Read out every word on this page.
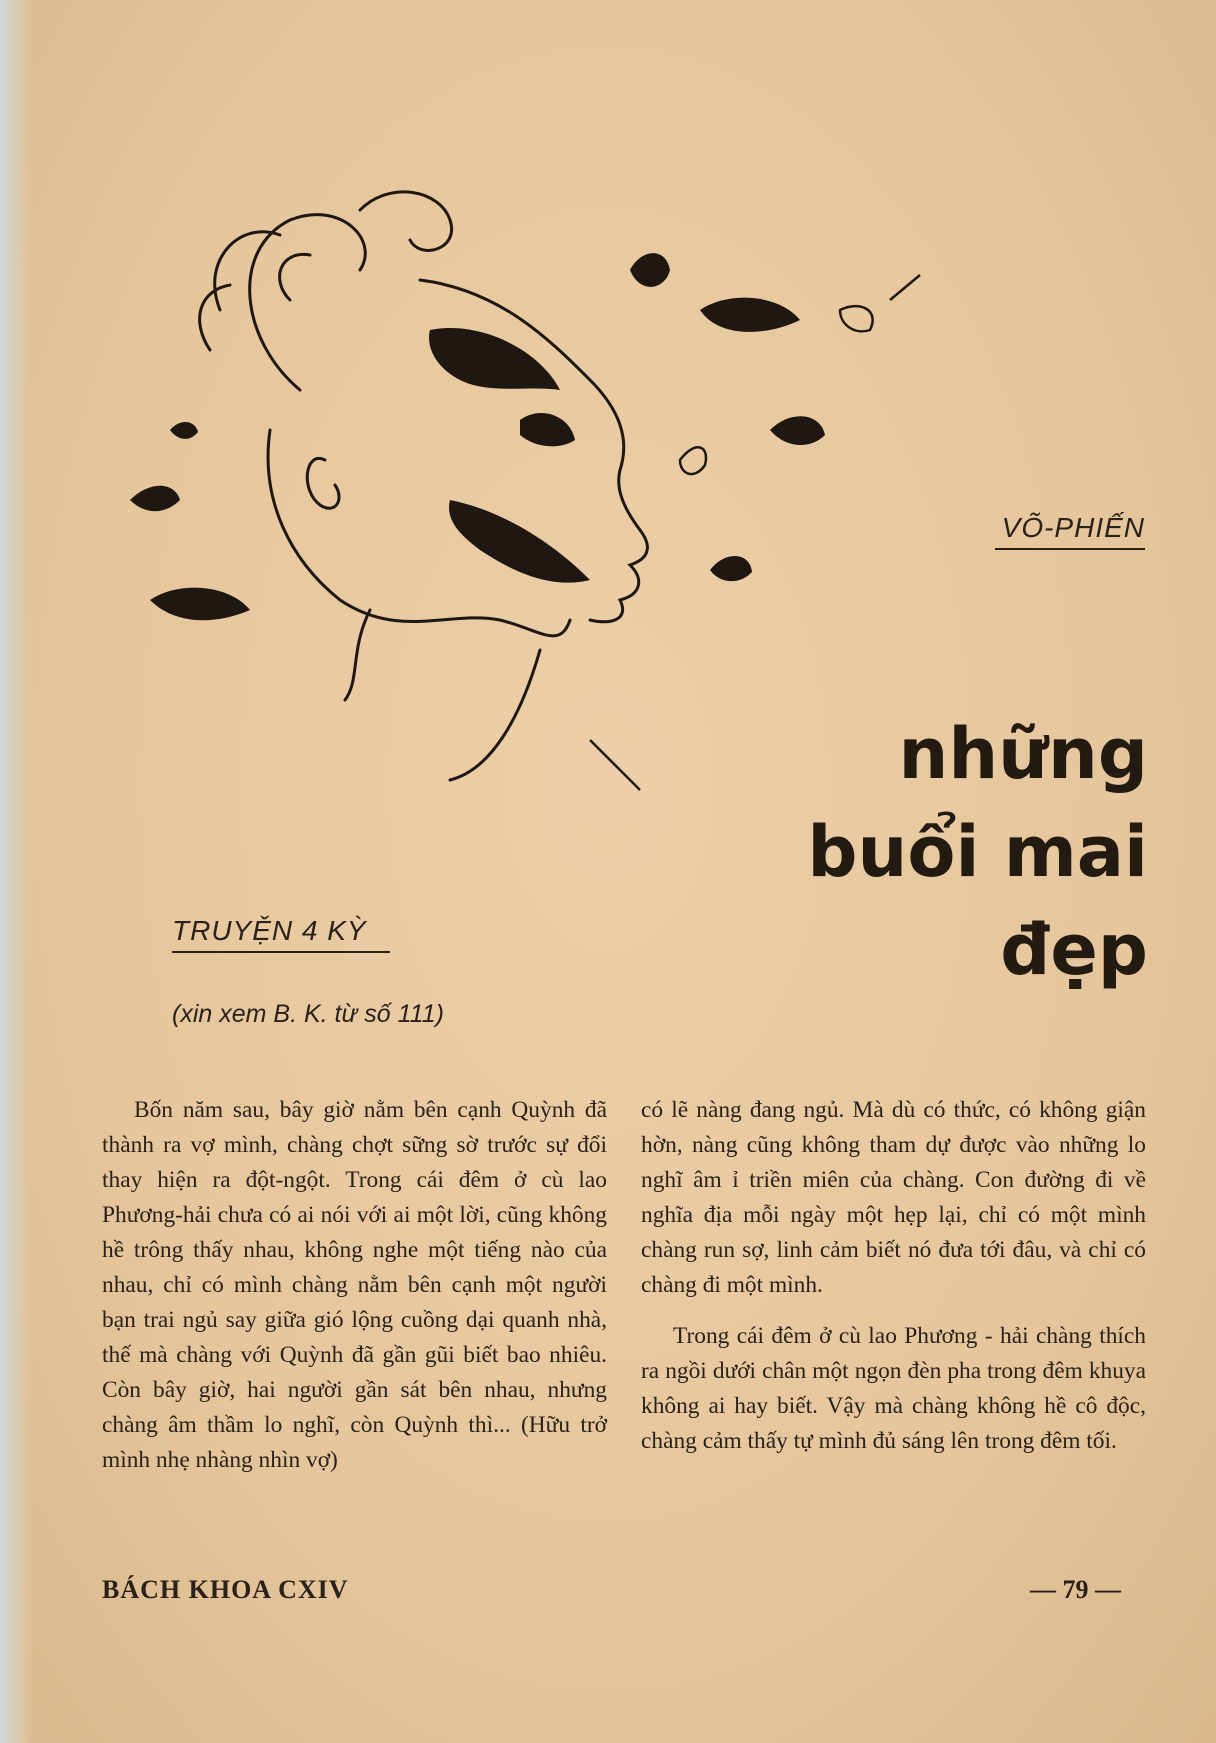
VÕ-PHIẾN
những
buổi mai
đẹp
TRUYỆN 4 KỲ
(xin xem B. K. từ số 111)

Bốn năm sau, bây giờ nằm bên cạnh Quỳnh đã thành ra vợ mình, chàng chợt sững sờ trước sự đổi thay hiện ra đột-ngột. Trong cái đêm ở cù lao Phương-hải chưa có ai nói với ai một lời, cũng không hề trông thấy nhau, không nghe một tiếng nào của nhau, chỉ có mình chàng nằm bên cạnh một người bạn trai ngủ say giữa gió lộng cuồng dại quanh nhà, thế mà chàng với Quỳnh đã gần gũi biết bao nhiêu. Còn bây giờ, hai người gần sát bên nhau, nhưng chàng âm thầm lo nghĩ, còn Quỳnh thì... (Hữu trở mình nhẹ nhàng nhìn vợ)

có lẽ nàng đang ngủ. Mà dù có thức, có không giận hờn, nàng cũng không tham dự được vào những lo nghĩ âm ỉ triền miên của chàng. Con đường đi về nghĩa địa mỗi ngày một hẹp lại, chỉ có một mình chàng run sợ, linh cảm biết nó đưa tới đâu, và chỉ có chàng đi một mình.

Trong cái đêm ở cù lao Phương - hải chàng thích ra ngồi dưới chân một ngọn đèn pha trong đêm khuya không ai hay biết. Vậy mà chàng không hề cô độc, chàng cảm thấy tự mình đủ sáng lên trong đêm tối.

BÁCH KHOA CXIV	— 79 —
